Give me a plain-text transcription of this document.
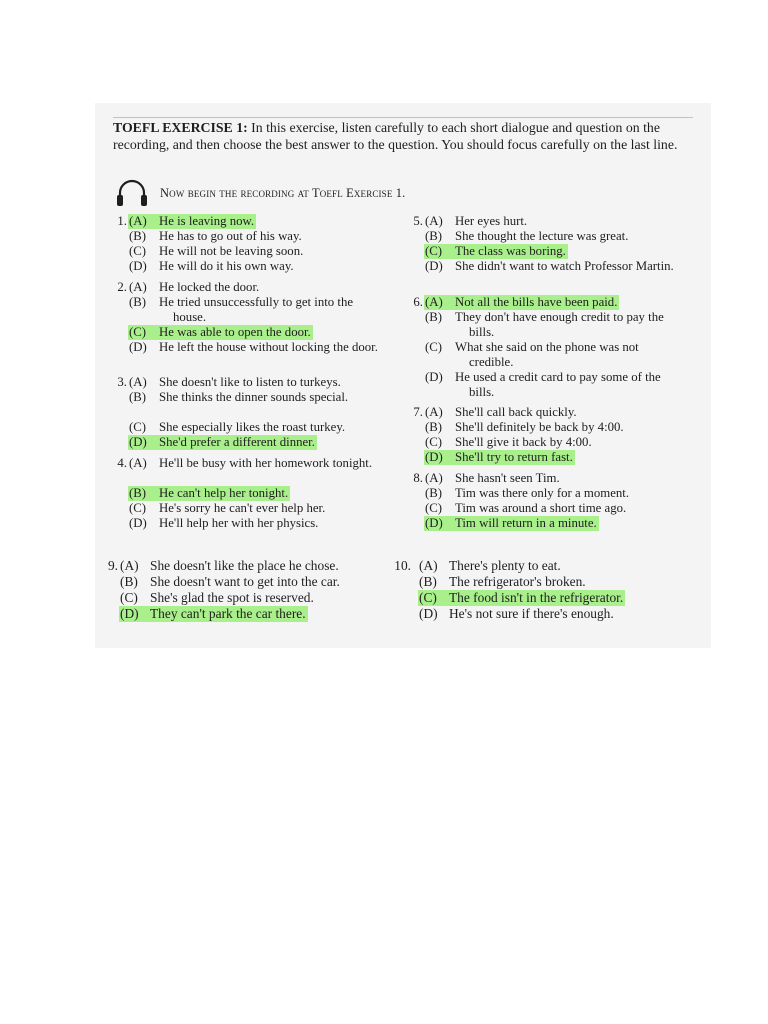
TOEFL EXERCISE 1: In this exercise, listen carefully to each short dialogue and question on the recording, and then choose the best answer to the question. You should focus carefully on the last line.

Now begin the recording at Toefl Exercise 1.
1. (A) He is leaving now.
(B) He has to go out of his way.
(C) He will not be leaving soon.
(D) He will do it his own way.
2. (A) He locked the door.
(B) He tried unsuccessfully to get into the house.
(C) He was able to open the door.
(D) He left the house without locking the door.
3. (A) She doesn't like to listen to turkeys.
(B) She thinks the dinner sounds special.
(C) She especially likes the roast turkey.
(D) She'd prefer a different dinner.
4. (A) He'll be busy with her homework tonight.
(B) He can't help her tonight.
(C) He's sorry he can't ever help her.
(D) He'll help her with her physics.
5. (A) Her eyes hurt.
(B) She thought the lecture was great.
(C) The class was boring.
(D) She didn't want to watch Professor Martin.
6. (A) Not all the bills have been paid.
(B) They don't have enough credit to pay the bills.
(C) What she said on the phone was not credible.
(D) He used a credit card to pay some of the bills.
7. (A) She'll call back quickly.
(B) She'll definitely be back by 4:00.
(C) She'll give it back by 4:00.
(D) She'll try to return fast.
8. (A) She hasn't seen Tim.
(B) Tim was there only for a moment.
(C) Tim was around a short time ago.
(D) Tim will return in a minute.
9. (A) She doesn't like the place he chose.
(B) She doesn't want to get into the car.
(C) She's glad the spot is reserved.
(D) They can't park the car there.
10. (A) There's plenty to eat.
(B) The refrigerator's broken.
(C) The food isn't in the refrigerator.
(D) He's not sure if there's enough.
